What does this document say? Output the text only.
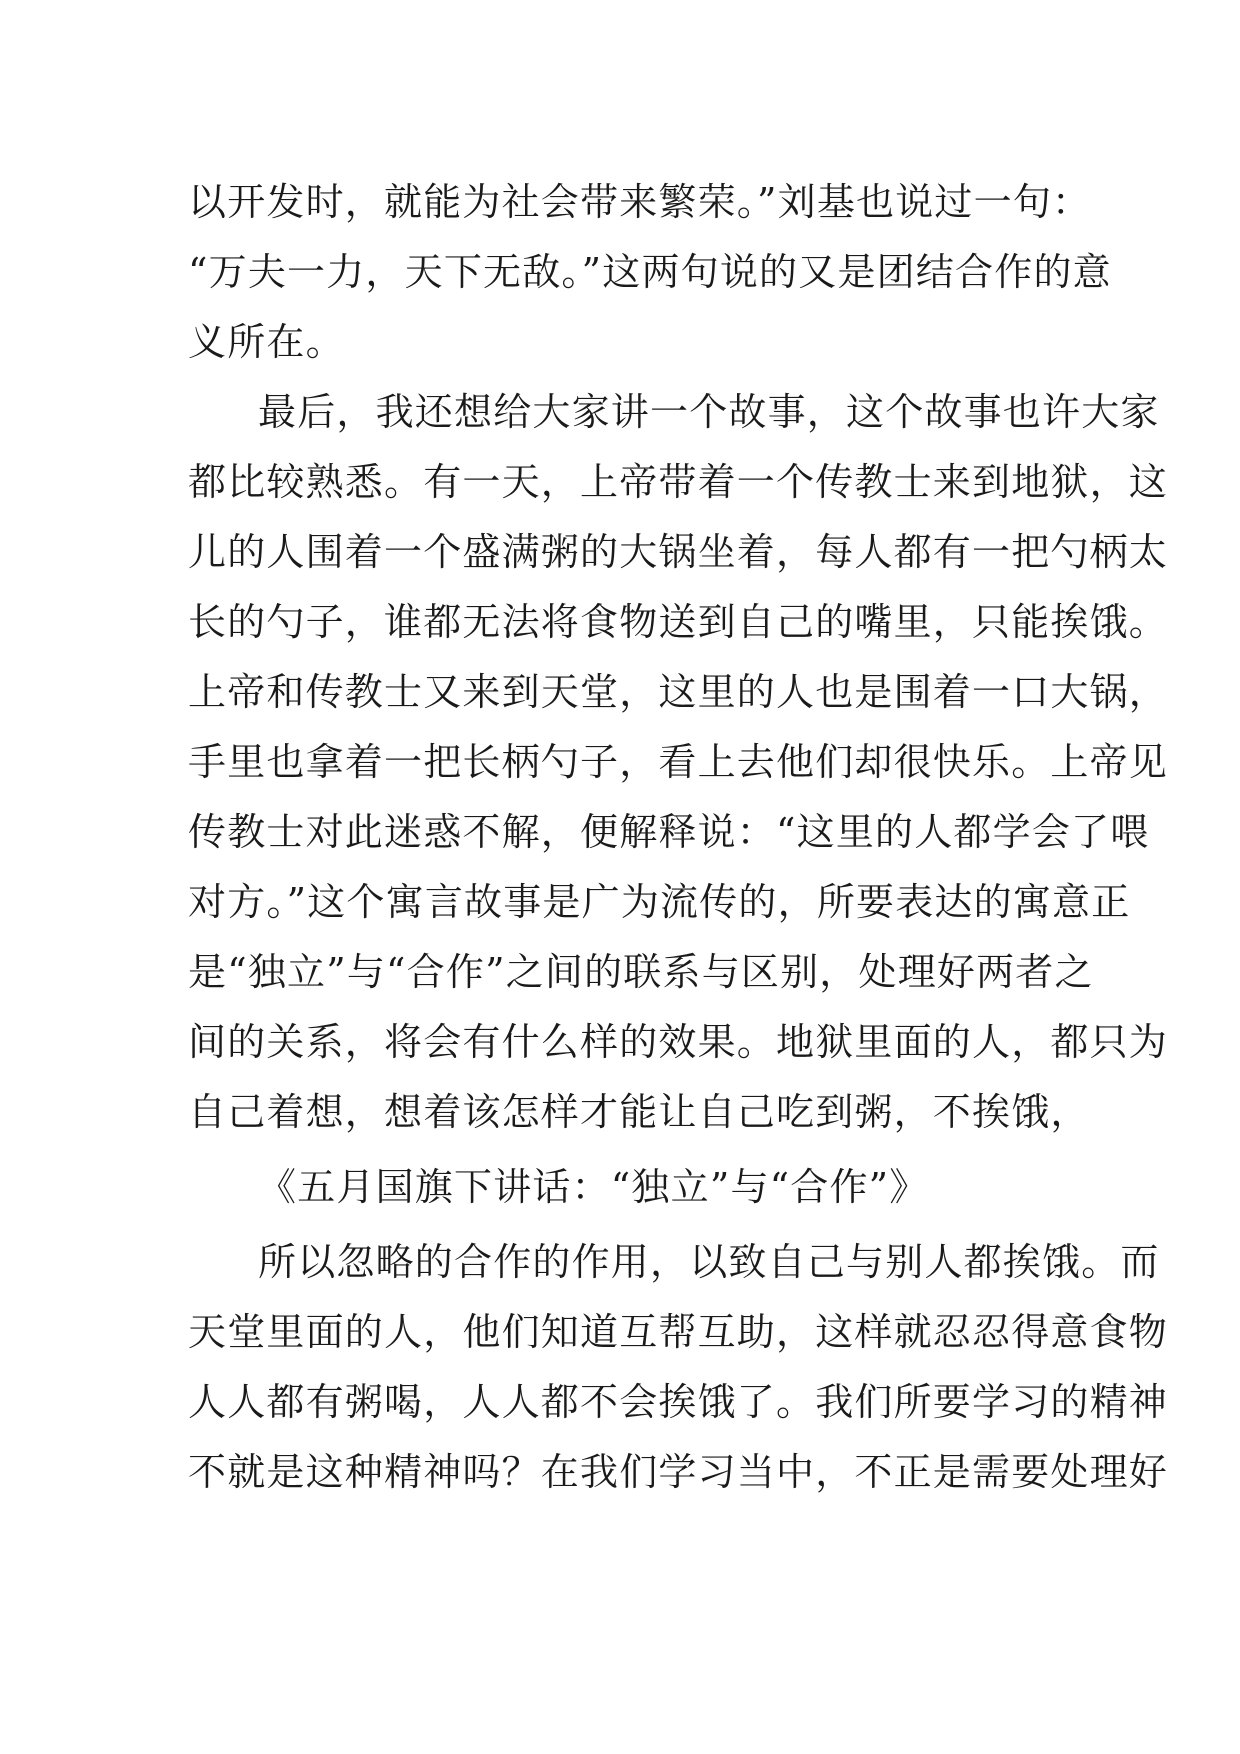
以开发时，就能为社会带来繁荣。”刘基也说过一句：
“万夫一力，天下无敌。”这两句说的又是团结合作的意
义所在。
最后，我还想给大家讲一个故事，这个故事也许大家
都比较熟悉。有一天，上帝带着一个传教士来到地狱，这
儿的人围着一个盛满粥的大锅坐着，每人都有一把勺柄太
长的勺子，谁都无法将食物送到自己的嘴里，只能挨饿。
上帝和传教士又来到天堂，这里的人也是围着一口大锅，
手里也拿着一把长柄勺子，看上去他们却很快乐。上帝见
传教士对此迷惑不解，便解释说：“这里的人都学会了喂
对方。”这个寓言故事是广为流传的，所要表达的寓意正
是“独立”与“合作”之间的联系与区别，处理好两者之
间的关系，将会有什么样的效果。地狱里面的人，都只为
自己着想，想着该怎样才能让自己吃到粥，不挨饿，
《五月国旗下讲话：“独立”与“合作”》
所以忽略的合作的作用，以致自己与别人都挨饿。而
天堂里面的人，他们知道互帮互助，这样就忍忍得意食物
人人都有粥喝，人人都不会挨饿了。我们所要学习的精神
不就是这种精神吗？在我们学习当中，不正是需要处理好
